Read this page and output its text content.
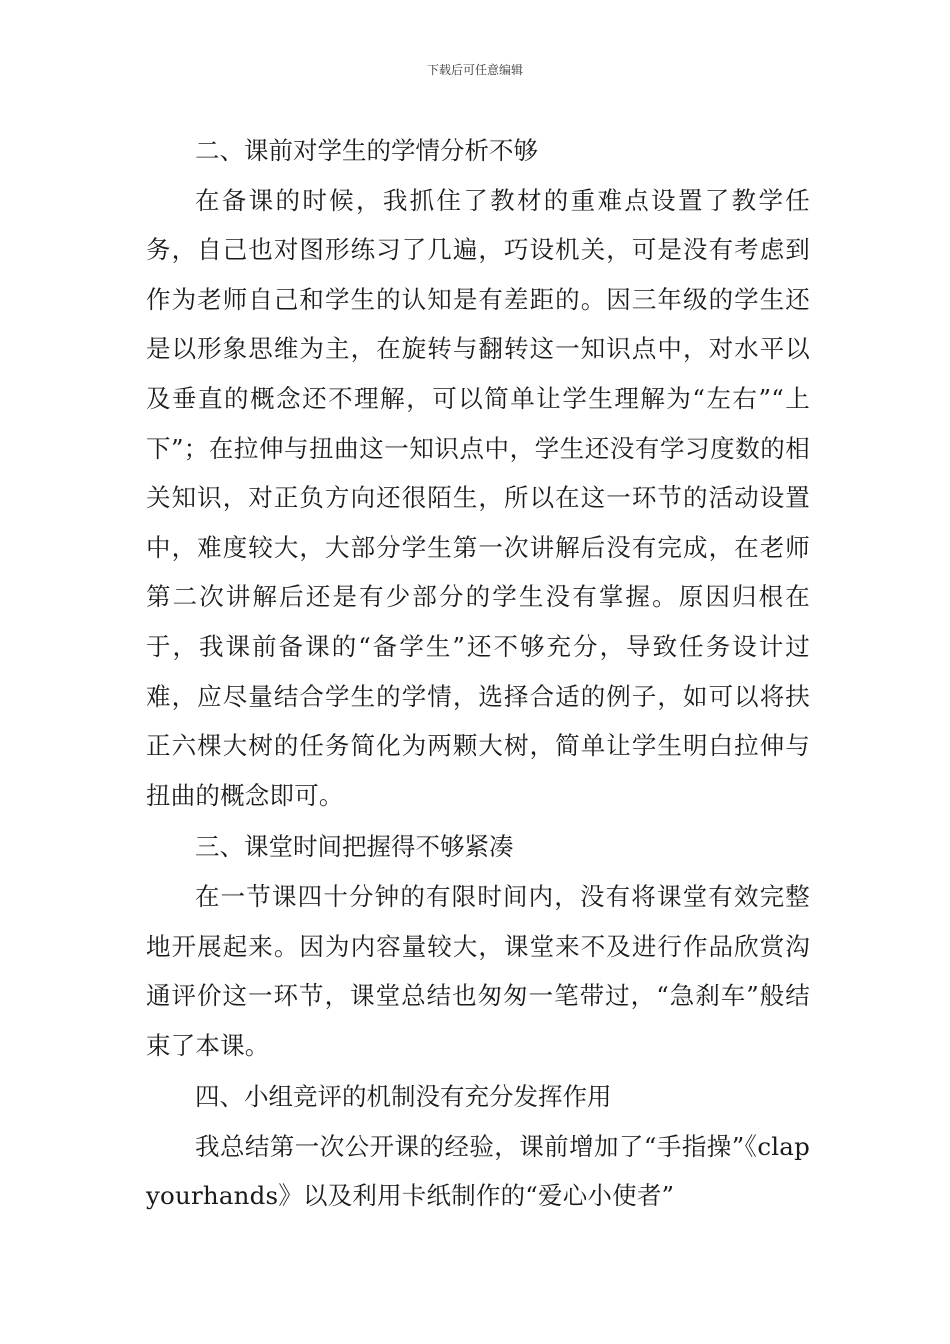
下载后可任意编辑

二、课前对学生的学情分析不够

在备课的时候，我抓住了教材的重难点设置了教学任务，自己也对图形练习了几遍，巧设机关，可是没有考虑到作为老师自己和学生的认知是有差距的。因三年级的学生还是以形象思维为主，在旋转与翻转这一知识点中，对水平以及垂直的概念还不理解，可以简单让学生理解为“左右”“上下”；在拉伸与扭曲这一知识点中，学生还没有学习度数的相关知识，对正负方向还很陌生，所以在这一环节的活动设置中，难度较大，大部分学生第一次讲解后没有完成，在老师第二次讲解后还是有少部分的学生没有掌握。原因归根在于，我课前备课的“备学生”还不够充分，导致任务设计过难，应尽量结合学生的学情，选择合适的例子，如可以将扶正六棵大树的任务简化为两颗大树，简单让学生明白拉伸与扭曲的概念即可。

三、课堂时间把握得不够紧凑

在一节课四十分钟的有限时间内，没有将课堂有效完整地开展起来。因为内容量较大，课堂来不及进行作品欣赏沟通评价这一环节，课堂总结也匆匆一笔带过，“急刹车”般结束了本课。

四、小组竞评的机制没有充分发挥作用

我总结第一次公开课的经验，课前增加了“手指操”《clapyourhands》以及利用卡纸制作的“爱心小使者”
